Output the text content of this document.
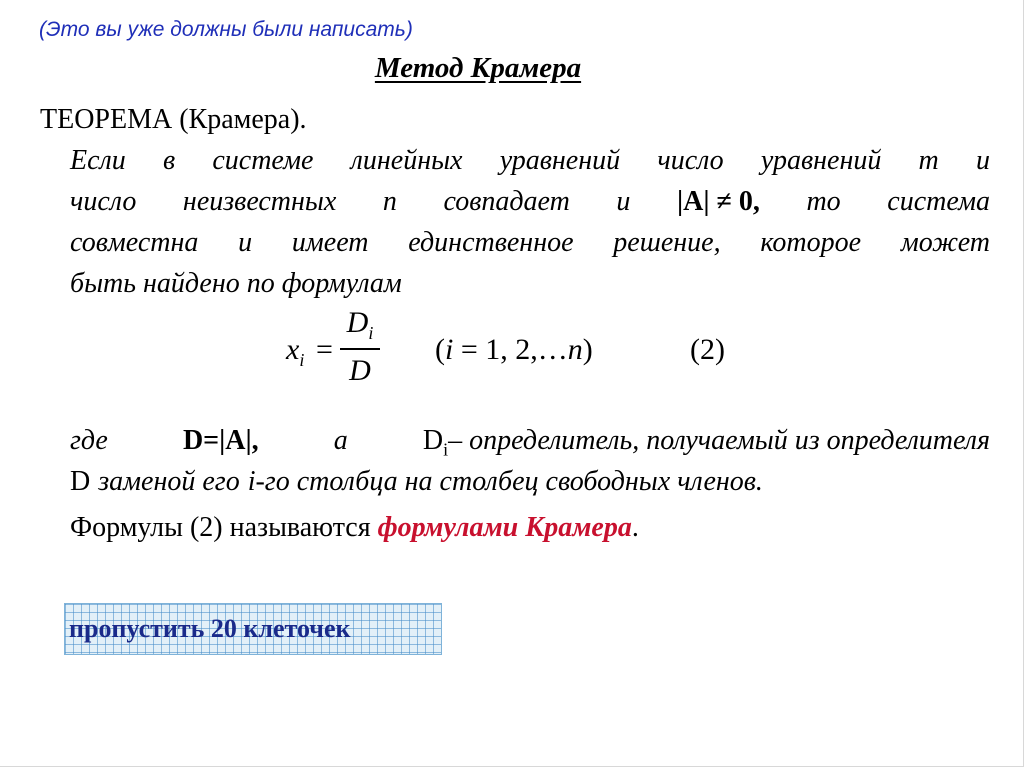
(Это вы уже должны были написать)
Метод Крамера
ТЕОРЕМА (Крамера).
Если в системе линейных уравнений число уравнений m и
число неизвестных n совпадает и |A| ≠ 0, то система
совместна и имеет единственное решение, которое может
быть найдено по формулам
$x_i$ =
$D_i$
D
(i = 1, 2,…n)	(2)
где	D=|A|,	а	$D_i-$ определитель, получаемый из определителя
D заменой его i-го столбца на столбец свободных членов.
Формулы (2) называются формулами Крамера.
пропустить 20 клеточек
